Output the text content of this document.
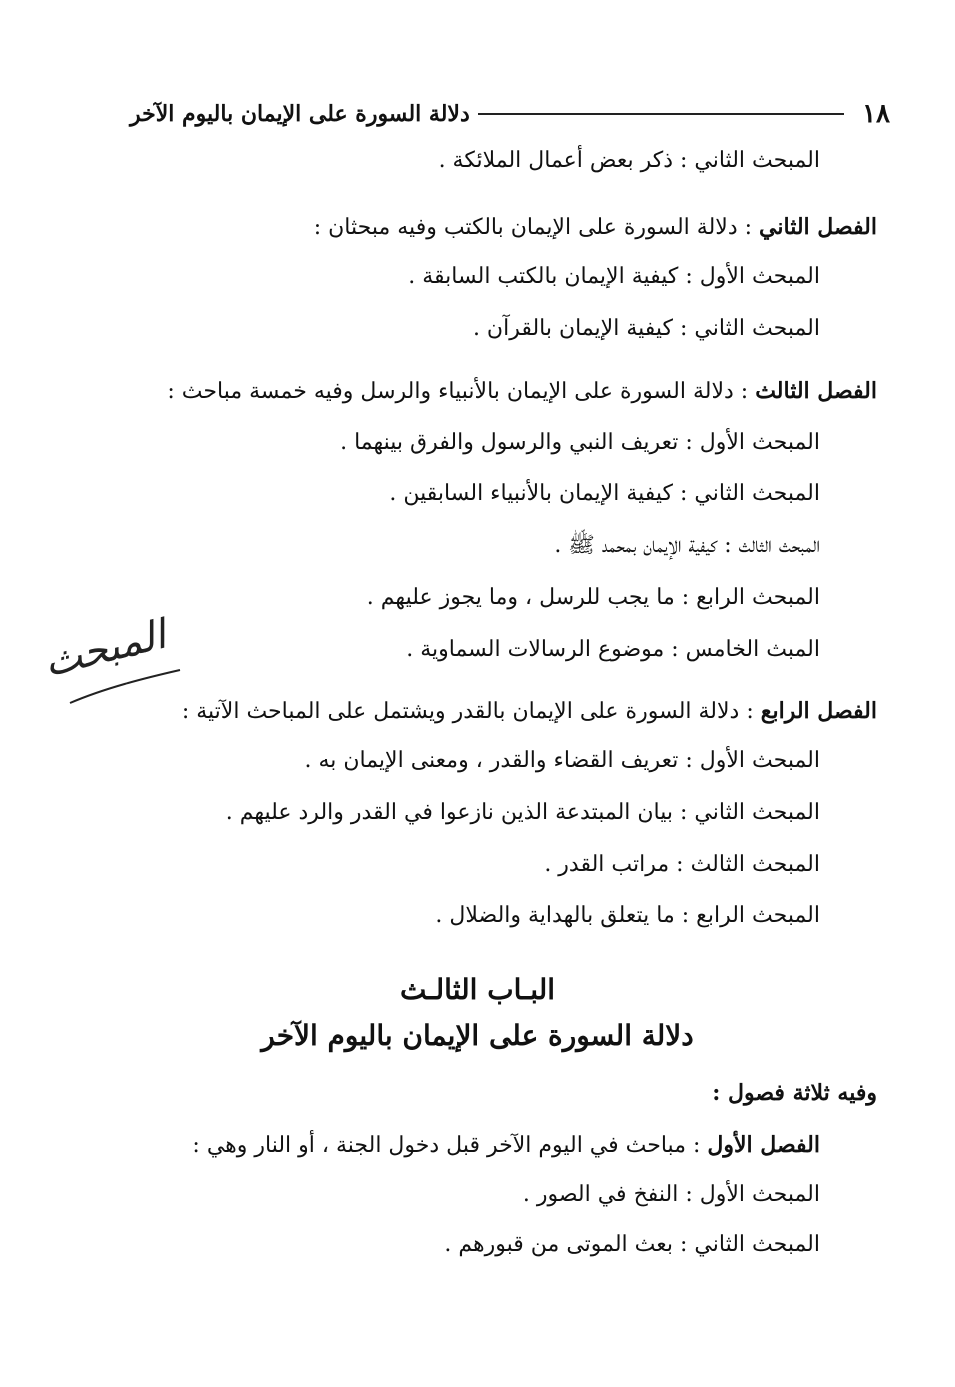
١٨
دلالة السورة على الإيمان باليوم الآخر
المبحث الثاني : ذكر بعض أعمال الملائكة .
الفصل الثاني : دلالة السورة على الإيمان بالكتب وفيه مبحثان :
المبحث الأول : كيفية الإيمان بالكتب السابقة .
المبحث الثاني : كيفية الإيمان بالقرآن .
الفصل الثالث : دلالة السورة على الإيمان بالأنبياء والرسل وفيه خمسة مباحث :
المبحث الأول : تعريف النبي والرسول والفرق بينهما .
المبحث الثاني : كيفية الإيمان بالأنبياء السابقين .
المبحث الثالث : كيفية الإيمان بمحمد ﷺ .
المبحث الرابع : ما يجب للرسل ، وما يجوز عليهم .
المبث الخامس : موضوع الرسالات السماوية .
الفصل الرابع : دلالة السورة على الإيمان بالقدر ويشتمل على المباحث الآتية :
المبحث الأول : تعريف القضاء والقدر ، ومعنى الإيمان به .
المبحث الثاني : بيان المبتدعة الذين نازعوا في القدر والرد عليهم .
المبحث الثالث : مراتب القدر .
المبحث الرابع : ما يتعلق بالهداية والضلال .
البـاب الثالـث
دلالة السورة على الإيمان باليوم الآخر
وفيه ثلاثة فصول :
الفصل الأول : مباحث في اليوم الآخر قبل دخول الجنة ، أو النار وهي :
المبحث الأول : النفخ في الصور .
المبحث الثاني : بعث الموتى من قبورهم .
المبحث
